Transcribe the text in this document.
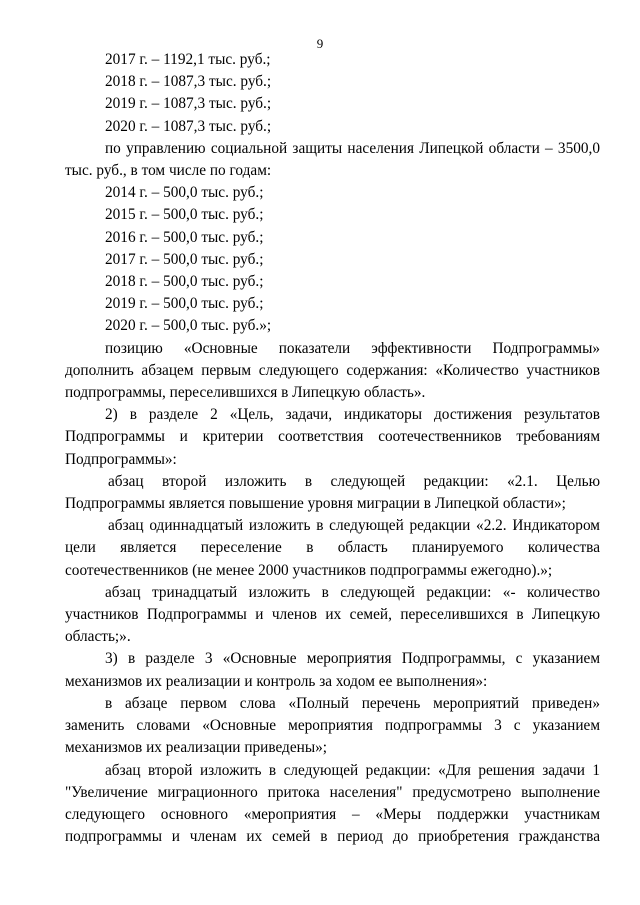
9

2017 г. – 1192,1 тыс. руб.;

2018 г. – 1087,3 тыс. руб.;

2019 г. – 1087,3 тыс. руб.;

2020 г. – 1087,3 тыс. руб.;

по управлению социальной защиты населения Липецкой области – 3500,0 тыс. руб., в том числе по годам:

2014 г. – 500,0 тыс. руб.;

2015 г. – 500,0 тыс. руб.;

2016 г. – 500,0 тыс. руб.;

2017 г. – 500,0 тыс. руб.;

2018 г. – 500,0 тыс. руб.;

2019 г. – 500,0 тыс. руб.;

2020 г. – 500,0 тыс. руб.»;

позицию «Основные показатели эффективности Подпрограммы» дополнить абзацем первым следующего содержания: «Количество участников подпрограммы, переселившихся в Липецкую область».

2) в разделе 2 «Цель, задачи, индикаторы достижения результатов Подпрограммы и критерии соответствия соотечественников требованиям Подпрограммы»:

абзац второй изложить в следующей редакции: «2.1. Целью Подпрограммы является повышение уровня миграции в Липецкой области»;

абзац одиннадцатый изложить в следующей редакции «2.2. Индикатором цели является переселение в область планируемого количества соотечественников (не менее 2000 участников подпрограммы ежегодно).»;

абзац тринадцатый изложить в следующей редакции: «- количество участников Подпрограммы и членов их семей, переселившихся в Липецкую область;».

3) в разделе 3 «Основные мероприятия Подпрограммы, с указанием механизмов их реализации и контроль за ходом ее выполнения»:

в абзаце первом слова «Полный перечень мероприятий приведен» заменить словами «Основные мероприятия подпрограммы 3 с указанием механизмов их реализации приведены»;

абзац второй изложить в следующей редакции: «Для решения задачи 1 "Увеличение миграционного притока населения" предусмотрено выполнение следующего основного «мероприятия – «Меры поддержки участникам подпрограммы и членам их семей в период до приобретения гражданства
